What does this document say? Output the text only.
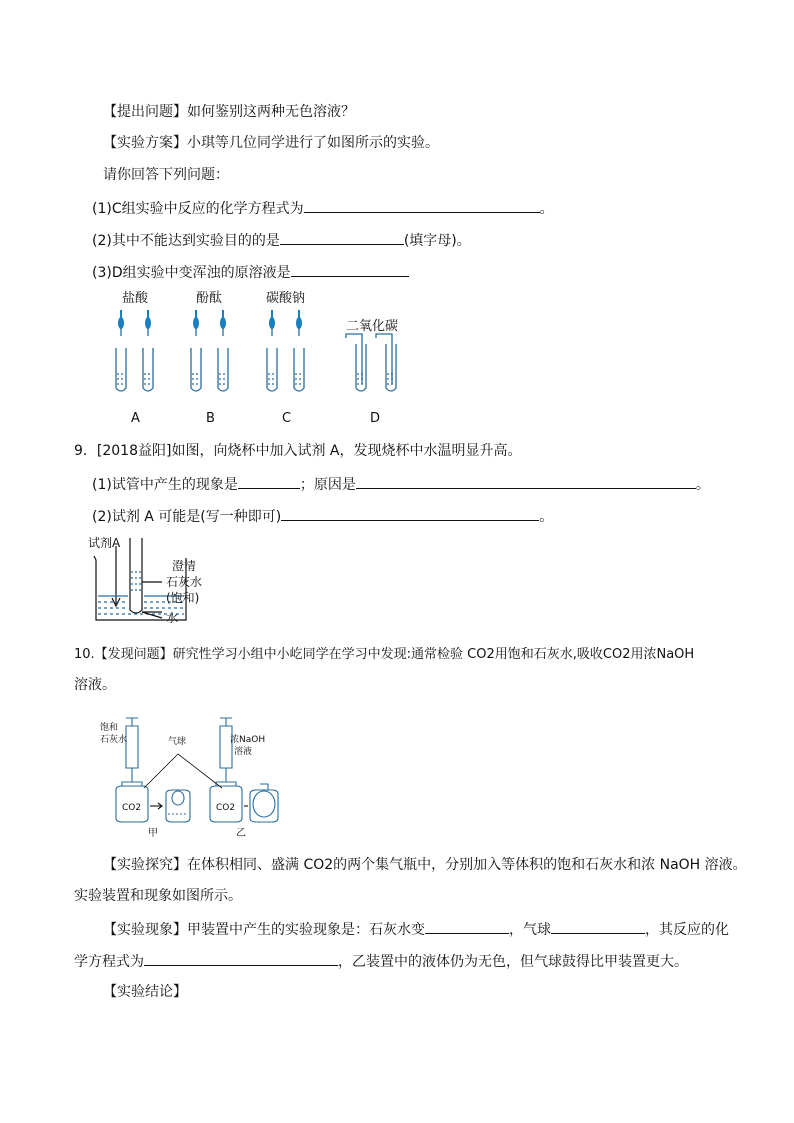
【提出问题】如何鉴别这两种无色溶液？
【实验方案】小琪等几位同学进行了如图所示的实验。
请你回答下列问题：
(1)C组实验中反应的化学方程式为	。
(2)其中不能达到实验目的的是	(填字母)。
(3)D组实验中变浑浊的原溶液是
盐酸	酚酞	碳酸钠
二氧化碳
A	B	C	D
9．[2018益阳]如图，向烧杯中加入试剂 A，发现烧杯中水温明显升高。
(1)试管中产生的现象是	；原因是	。
(2)试剂 A 可能是(写一种即可)	。
试剂A
澄清
石灰水
(饱和)
水
10.【发现问题】研究性学习小组中小屹同学在学习中发现:通常检验 CO2用饱和石灰水,吸收CO2用浓NaOH
溶液。
饱和
石灰水	气球	浓NaOH
溶液
CO2	CO2
甲	乙
【实验探究】在体积相同、盛满 CO2的两个集气瓶中，分别加入等体积的饱和石灰水和浓 NaOH 溶液。
实验装置和现象如图所示。
【实验现象】甲装置中产生的实验现象是：石灰水变	，气球	，其反应的化
学方程式为	，乙装置中的液体仍为无色，但气球鼓得比甲装置更大。
【实验结论】
